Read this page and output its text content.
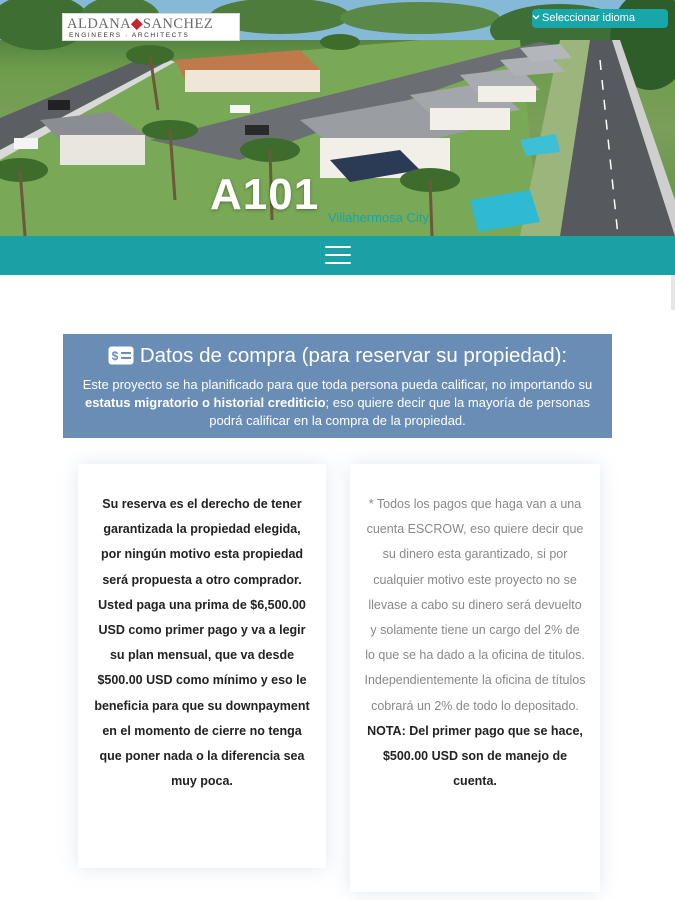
ALDANA◆SANCHEZ
ENGINEERS · ARCHITECTS
Seleccionar idioma
A101 Villahermosa City
$ Datos de compra (para reservar su propiedad):
Este proyecto se ha planificado para que toda persona pueda calificar, no importando su estatus migratorio o historial crediticio; eso quiere decir que la mayoría de personas podrá calificar en la compra de la propiedad.
Su reserva es el derecho de tener garantizada la propiedad elegida, por ningún motivo esta propiedad será propuesta a otro comprador. Usted paga una prima de $6,500.00 USD como primer pago y va a legir su plan mensual, que va desde $500.00 USD como mínimo y eso le beneficia para que su downpayment en el momento de cierre no tenga que poner nada o la diferencia sea muy poca.
* Todos los pagos que haga van a una cuenta ESCROW, eso quiere decir que su dinero esta garantizado, si por cualquier motivo este proyecto no se llevase a cabo su dinero será devuelto y solamente tiene un cargo del 2% de lo que se ha dado a la oficina de titulos. Independientemente la oficina de títulos cobrará un 2% de todo lo depositado.
NOTA: Del primer pago que se hace, $500.00 USD son de manejo de cuenta.
